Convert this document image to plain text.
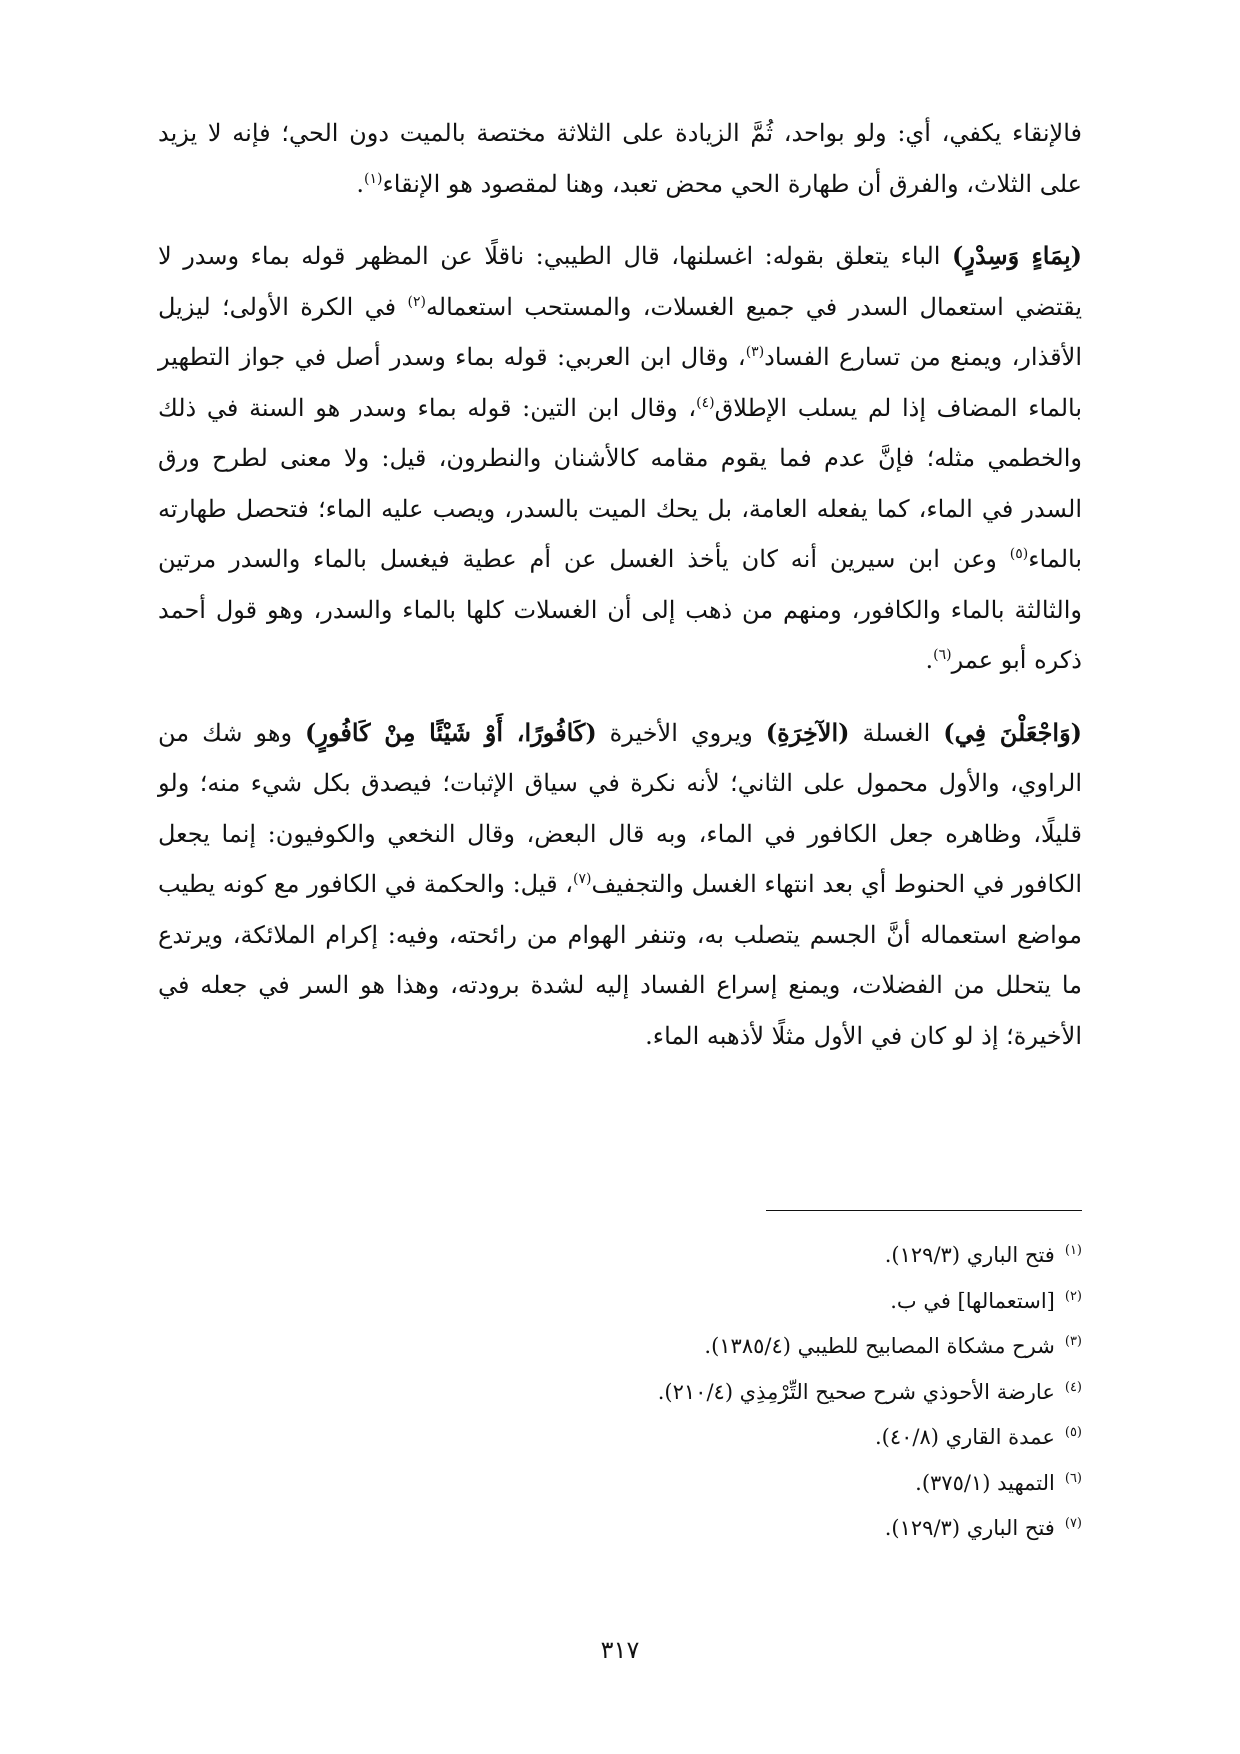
فالإنقاء يكفي، أي: ولو بواحد، ثُمَّ الزيادة على الثلاثة مختصة بالميت دون الحي؛ فإنه لا يزيد على الثلاث، والفرق أن طهارة الحي محض تعبد، وهنا لمقصود هو الإنقاء$^{(١)}$.

(بِمَاءٍ وَسِدْرٍ) الباء يتعلق بقوله: اغسلنها، قال الطيبي: ناقلًا عن المظهر قوله بماء وسدر لا يقتضي استعمال السدر في جميع الغسلات، والمستحب استعماله$^{(٢)}$ في الكرة الأولى؛ ليزيل الأقذار، ويمنع من تسارع الفساد$^{(٣)}$، وقال ابن العربي: قوله بماء وسدر أصل في جواز التطهير بالماء المضاف إذا لم يسلب الإطلاق$^{(٤)}$، وقال ابن التين: قوله بماء وسدر هو السنة في ذلك والخطمي مثله؛ فإنَّ عدم فما يقوم مقامه كالأشنان والنطرون، قيل: ولا معنى لطرح ورق السدر في الماء، كما يفعله العامة، بل يحك الميت بالسدر، ويصب عليه الماء؛ فتحصل طهارته بالماء$^{(٥)}$ وعن ابن سيرين أنه كان يأخذ الغسل عن أم عطية فيغسل بالماء والسدر مرتين والثالثة بالماء والكافور، ومنهم من ذهب إلى أن الغسلات كلها بالماء والسدر، وهو قول أحمد ذكره أبو عمر$^{(٦)}$.

(وَاجْعَلْنَ فِي) الغسلة (الآخِرَةِ) ويروي الأخيرة (كَافُورًا، أَوْ شَيْئًا مِنْ كَافُورٍ) وهو شك من الراوي، والأول محمول على الثاني؛ لأنه نكرة في سياق الإثبات؛ فيصدق بكل شيء منه؛ ولو قليلًا، وظاهره جعل الكافور في الماء، وبه قال البعض، وقال النخعي والكوفيون: إنما يجعل الكافور في الحنوط أي بعد انتهاء الغسل والتجفيف$^{(٧)}$، قيل: والحكمة في الكافور مع كونه يطيب مواضع استعماله أنَّ الجسم يتصلب به، وتنفر الهوام من رائحته، وفيه: إكرام الملائكة، ويرتدع ما يتحلل من الفضلات، ويمنع إسراع الفساد إليه لشدة برودته، وهذا هو السر في جعله في الأخيرة؛ إذ لو كان في الأول مثلًا لأذهبه الماء.

$^{(١)}$فتح الباري (١٢٩/٣).
$^{(٢)}$[استعمالها] في ب.
$^{(٣)}$شرح مشكاة المصابيح للطيبي (١٣٨٥/٤).
$^{(٤)}$عارضة الأحوذي شرح صحيح التِّرْمِذِي (٢١٠/٤).
$^{(٥)}$عمدة القاري (٤٠/٨).
$^{(٦)}$التمهيد (٣٧٥/١).
$^{(٧)}$فتح الباري (١٢٩/٣).
٣١٧
